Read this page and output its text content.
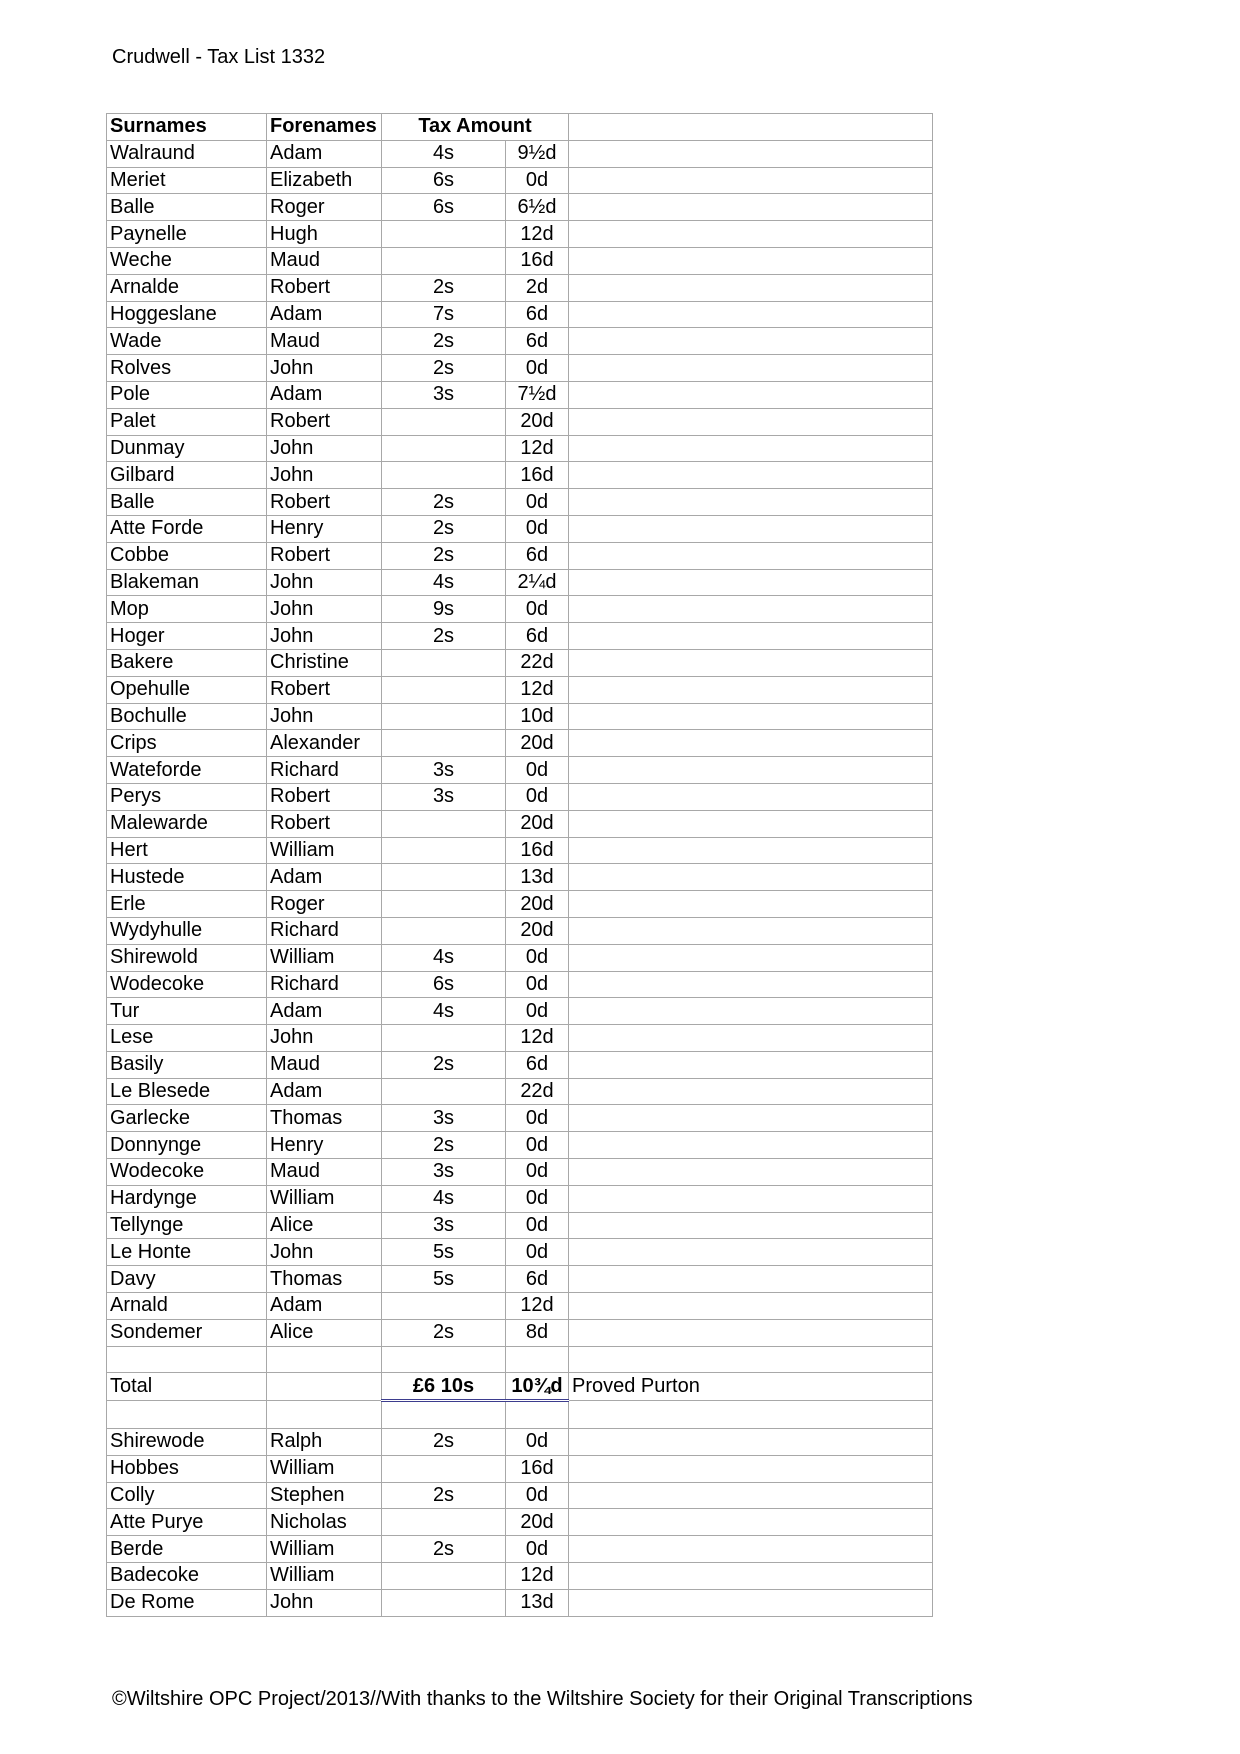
Crudwell - Tax List 1332
Surnames	Forenames	Tax Amount		
Walraund	Adam	4s	9½d	
Meriet	Elizabeth	6s	0d	
Balle	Roger	6s	6½d	
Paynelle	Hugh		12d	
Weche	Maud		16d	
Arnalde	Robert	2s	2d	
Hoggeslane	Adam	7s	6d	
Wade	Maud	2s	6d	
Rolves	John	2s	0d	
Pole	Adam	3s	7½d	
Palet	Robert		20d	
Dunmay	John		12d	
Gilbard	John		16d	
Balle	Robert	2s	0d	
Atte Forde	Henry	2s	0d	
Cobbe	Robert	2s	6d	
Blakeman	John	4s	2¼d	
Mop	John	9s	0d	
Hoger	John	2s	6d	
Bakere	Christine		22d	
Opehulle	Robert		12d	
Bochulle	John		10d	
Crips	Alexander		20d	
Wateforde	Richard	3s	0d	
Perys	Robert	3s	0d	
Malewarde	Robert		20d	
Hert	William		16d	
Hustede	Adam		13d	
Erle	Roger		20d	
Wydyhulle	Richard		20d	
Shirewold	William	4s	0d	
Wodecoke	Richard	6s	0d	
Tur	Adam	4s	0d	
Lese	John		12d	
Basily	Maud	2s	6d	
Le Blesede	Adam		22d	
Garlecke	Thomas	3s	0d	
Donnynge	Henry	2s	0d	
Wodecoke	Maud	3s	0d	
Hardynge	William	4s	0d	
Tellynge	Alice	3s	0d	
Le Honte	John	5s	0d	
Davy	Thomas	5s	6d	
Arnald	Adam		12d	
Sondemer	Alice	2s	8d	

Total		£6 10s	10¾d	Proved Purton

Shirewode	Ralph	2s	0d	
Hobbes	William		16d	
Colly	Stephen	2s	0d	
Atte Purye	Nicholas		20d	
Berde	William	2s	0d	
Badecoke	William		12d	
De Rome	John		13d	
©Wiltshire OPC Project/2013//With thanks to the Wiltshire Society for their Original Transcriptions
